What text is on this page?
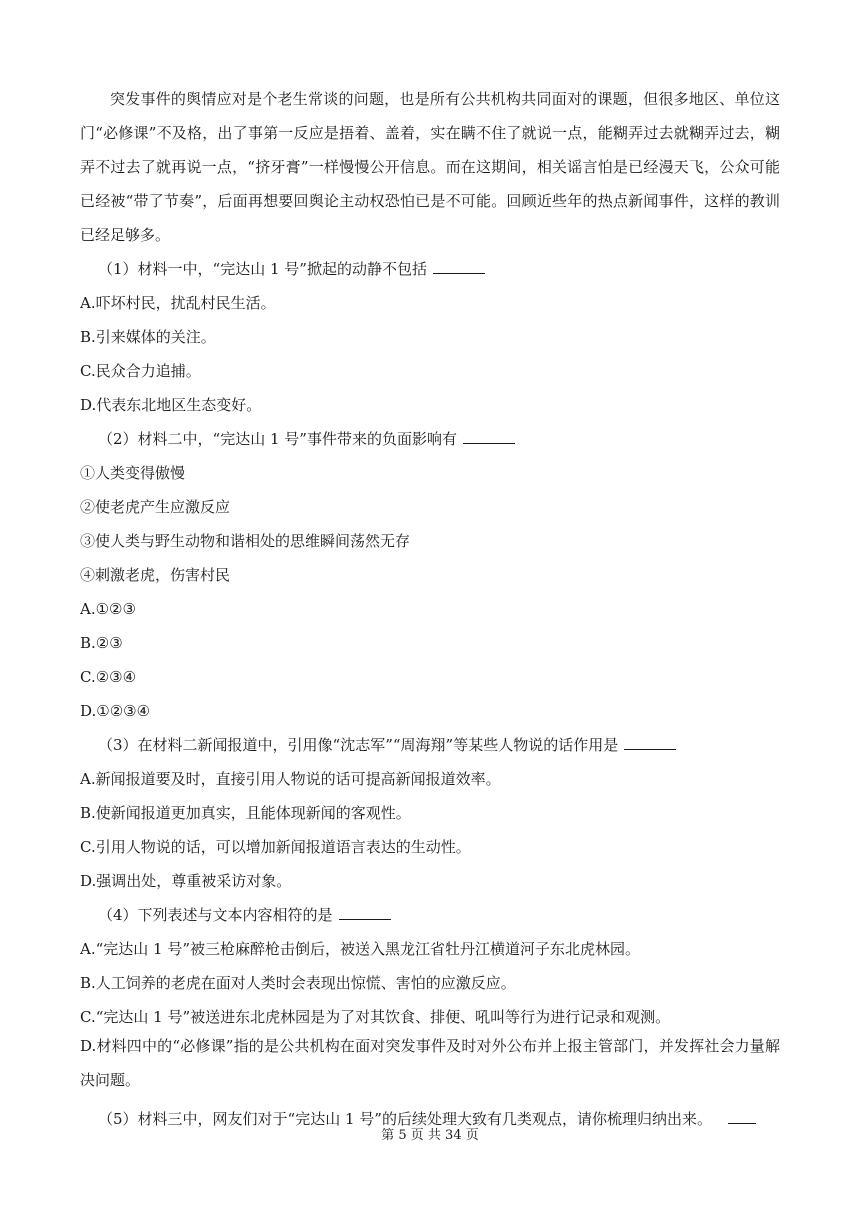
突发事件的舆情应对是个老生常谈的问题，也是所有公共机构共同面对的课题，但很多地区、单位这门“必修课”不及格，出了事第一反应是捂着、盖着，实在瞒不住了就说一点，能糊弄过去就糊弄过去，糊弄不过去了就再说一点，“挤牙膏”一样慢慢公开信息。而在这期间，相关谣言怕是已经漫天飞，公众可能已经被“带了节奏”，后面再想要回舆论主动权恐怕已是不可能。回顾近些年的热点新闻事件，这样的教训已经足够多。

（1）材料一中，“完达山 1 号”掀起的动静不包括

A.吓坏村民，扰乱村民生活。

B.引来媒体的关注。

C.民众合力追捕。

D.代表东北地区生态变好。

（2）材料二中，“完达山 1 号”事件带来的负面影响有

①人类变得傲慢

②使老虎产生应激反应

③使人类与野生动物和谐相处的思维瞬间荡然无存

④刺激老虎，伤害村民

A.①②③

B.②③

C.②③④

D.①②③④

（3）在材料二新闻报道中，引用像“沈志军”“周海翔”等某些人物说的话作用是

A.新闻报道要及时，直接引用人物说的话可提高新闻报道效率。

B.使新闻报道更加真实，且能体现新闻的客观性。

C.引用人物说的话，可以增加新闻报道语言表达的生动性。

D.强调出处，尊重被采访对象。

（4）下列表述与文本内容相符的是

A.“完达山 1 号”被三枪麻醉枪击倒后，被送入黑龙江省牡丹江横道河子东北虎林园。

B.人工饲养的老虎在面对人类时会表现出惊慌、害怕的应激反应。

C.“完达山 1 号”被送进东北虎林园是为了对其饮食、排便、吼叫等行为进行记录和观测。

D.材料四中的“必修课”指的是公共机构在面对突发事件及时对外公布并上报主管部门，并发挥社会力量解决问题。

（5）材料三中，网友们对于“完达山 1 号”的后续处理大致有几类观点，请你梳理归纳出来。

第 5 页 共 34 页
